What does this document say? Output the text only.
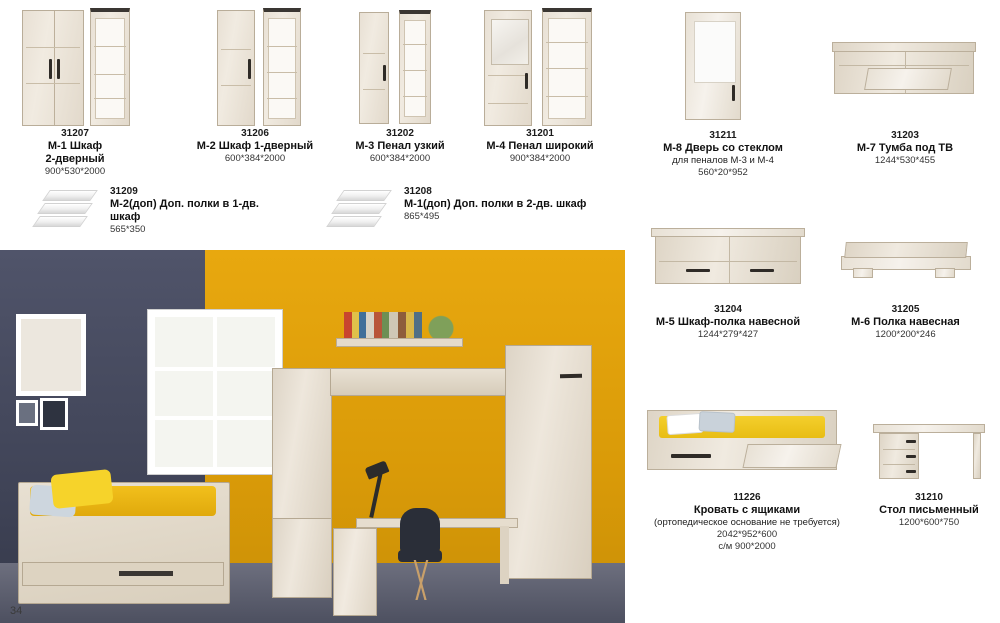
31207
М-1 Шкаф
2-дверный
900*530*2000
31206
М-2 Шкаф 1-дверный
600*384*2000
31202
М-3 Пенал узкий
600*384*2000
31201
М-4 Пенал широкий
900*384*2000
31209
М-2(доп) Доп. полки в 1-дв. шкаф
565*350
31208
М-1(доп) Доп. полки в 2-дв. шкаф
865*495
34
31211
М-8 Дверь со стеклом
для пеналов М-3 и М-4
560*20*952
31203
М-7 Тумба под ТВ
1244*530*455
31204
М-5 Шкаф-полка навесной
1244*279*427
31205
М-6 Полка навесная
1200*200*246
11226
Кровать с ящиками
(ортопедическое основание не требуется)
2042*952*600
с/м 900*2000
31210
Стол письменный
1200*600*750
